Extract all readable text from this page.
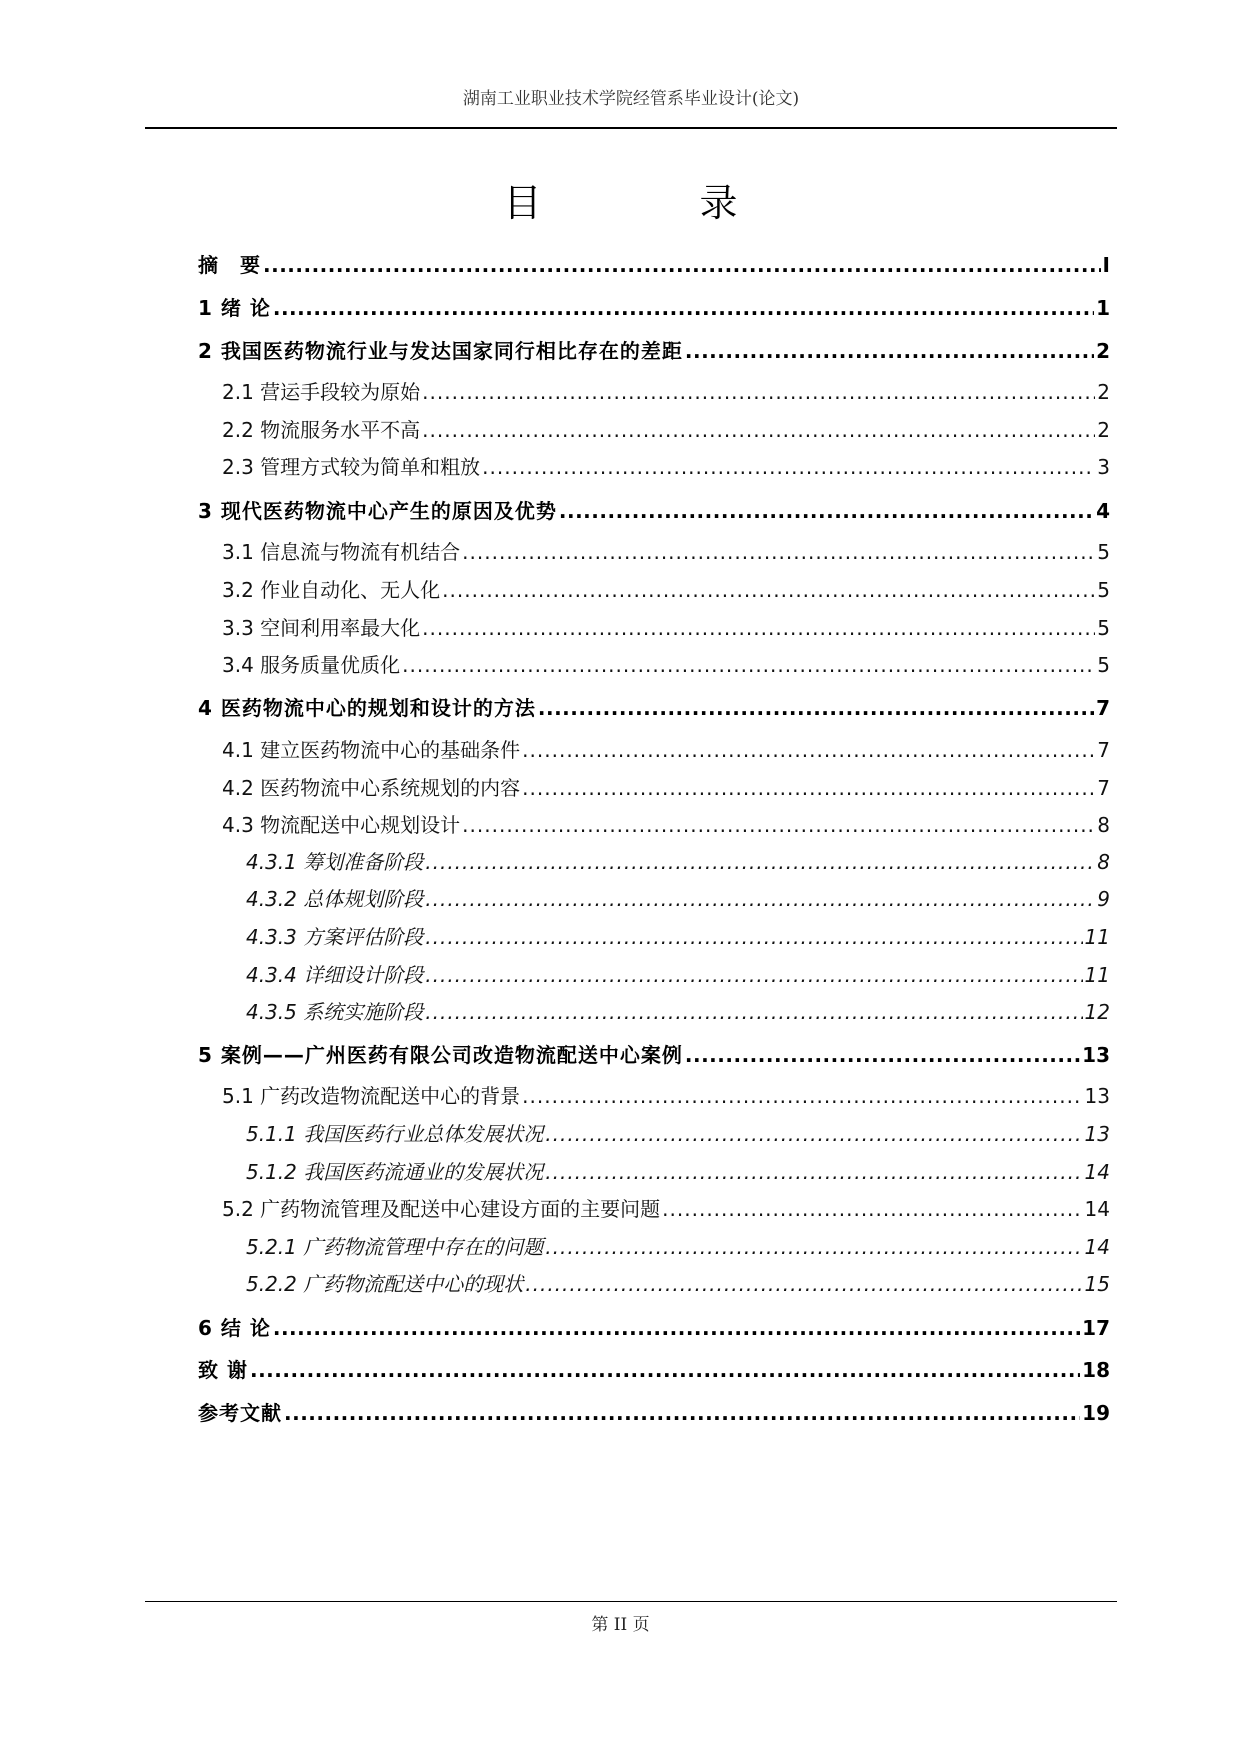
湖南工业职业技术学院经管系毕业设计(论文)
目　录
摘　要 .....	I
1 绪 论 .....	1
2 我国医药物流行业与发达国家同行相比存在的差距 .....	2
2.1 营运手段较为原始 .....	2
2.2 物流服务水平不高 .....	2
2.3 管理方式较为简单和粗放 .....	3
3 现代医药物流中心产生的原因及优势 .....	4
3.1 信息流与物流有机结合 .....	5
3.2 作业自动化、无人化 .....	5
3.3 空间利用率最大化 .....	5
3.4 服务质量优质化 .....	5
4 医药物流中心的规划和设计的方法 .....	7
4.1 建立医药物流中心的基础条件 .....	7
4.2 医药物流中心系统规划的内容 .....	7
4.3 物流配送中心规划设计 .....	8
4.3.1 筹划准备阶段 .....	8
4.3.2 总体规划阶段 .....	9
4.3.3 方案评估阶段 .....	11
4.3.4 详细设计阶段 .....	11
4.3.5 系统实施阶段 .....	12
5 案例——广州医药有限公司改造物流配送中心案例 .....	13
5.1 广药改造物流配送中心的背景 .....	13
5.1.1 我国医药行业总体发展状况 .....	13
5.1.2 我国医药流通业的发展状况 .....	14
5.2 广药物流管理及配送中心建设方面的主要问题 .....	14
5.2.1 广药物流管理中存在的问题 .....	14
5.2.2 广药物流配送中心的现状 .....	15
6 结 论 .....	17
致 谢 .....	18
参考文献 .....	19
第 II 页
